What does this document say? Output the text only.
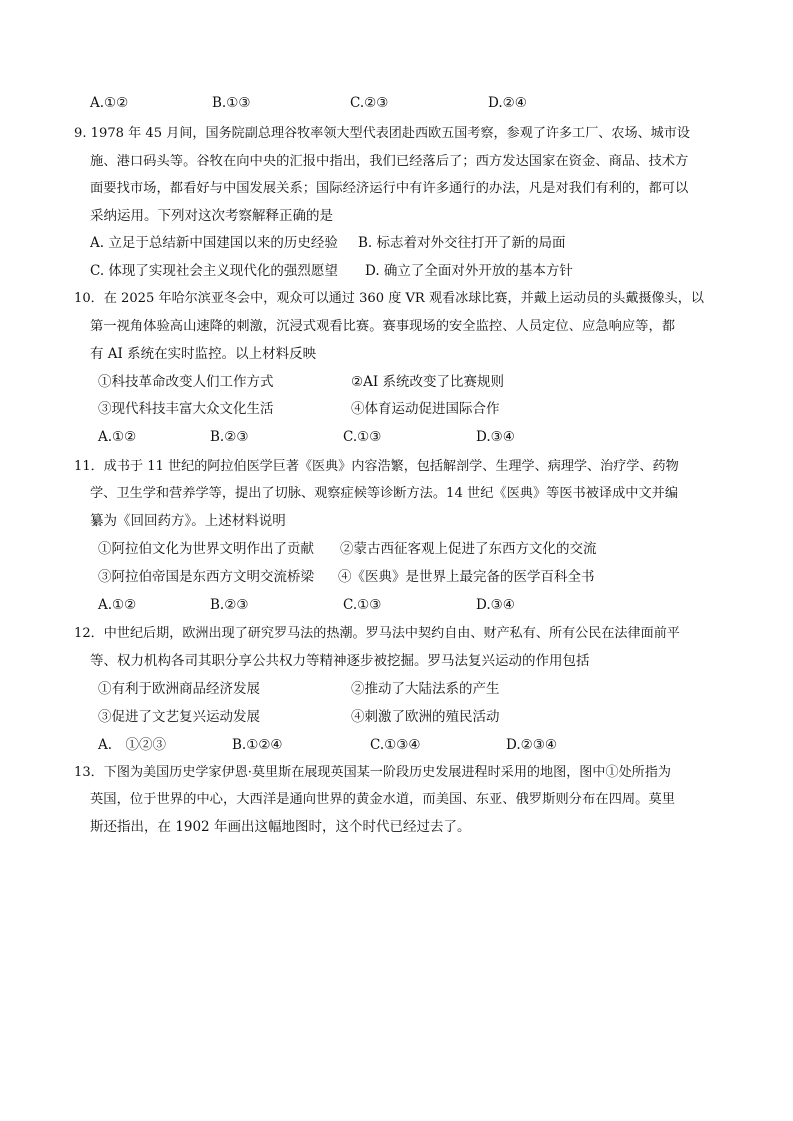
A.①②	B.①③	C.②③	D.②④
9. 1978 年 45 月间，国务院副总理谷牧率领大型代表团赴西欧五国考察，参观了许多工厂、农场、城市设
施、港口码头等。谷牧在向中央的汇报中指出，我们已经落后了；西方发达国家在资金、商品、技术方
面要找市场，都看好与中国发展关系；国际经济运行中有许多通行的办法，凡是对我们有利的，都可以
采纳运用。下列对这次考察解释正确的是
A. 立足于总结新中国建国以来的历史经验 B. 标志着对外交往打开了新的局面
C. 体现了实现社会主义现代化的强烈愿望 D. 确立了全面对外开放的基本方针
10．在 2025 年哈尔滨亚冬会中，观众可以通过 360 度 VR 观看冰球比赛，并戴上运动员的头戴摄像头，以
第一视角体验高山速降的刺激，沉浸式观看比赛。赛事现场的安全监控、人员定位、应急响应等，都
有 AI 系统在实时监控。以上材料反映
①科技革命改变人们工作方式	②AI 系统改变了比赛规则
③现代科技丰富大众文化生活	④体育运动促进国际合作
A.①②	B.②③	C.①③	D.③④
11．成书于 11 世纪的阿拉伯医学巨著《医典》内容浩繁，包括解剖学、生理学、病理学、治疗学、药物
学、卫生学和营养学等，提出了切脉、观察症候等诊断方法。14 世纪《医典》等医书被译成中文并编
纂为《回回药方》。上述材料说明
①阿拉伯文化为世界文明作出了贡献 ②蒙古西征客观上促进了东西方文化的交流
③阿拉伯帝国是东西方文明交流桥梁 ④《医典》是世界上最完备的医学百科全书
A.①②	B.②③	C.①③	D.③④
12．中世纪后期，欧洲出现了研究罗马法的热潮。罗马法中契约自由、财产私有、所有公民在法律面前平
等、权力机构各司其职分享公共权力等精神逐步被挖掘。罗马法复兴运动的作用包括
①有利于欧洲商品经济发展	②推动了大陆法系的产生
③促进了文艺复兴运动发展	④刺激了欧洲的殖民活动
A.　①②③	B.①②④	C.①③④	D.②③④
13．下图为美国历史学家伊恩·莫里斯在展现英国某一阶段历史发展进程时采用的地图，图中①处所指为
英国，位于世界的中心，大西洋是通向世界的黄金水道，而美国、东亚、俄罗斯则分布在四周。莫里
斯还指出，在 1902 年画出这幅地图时，这个时代已经过去了。
